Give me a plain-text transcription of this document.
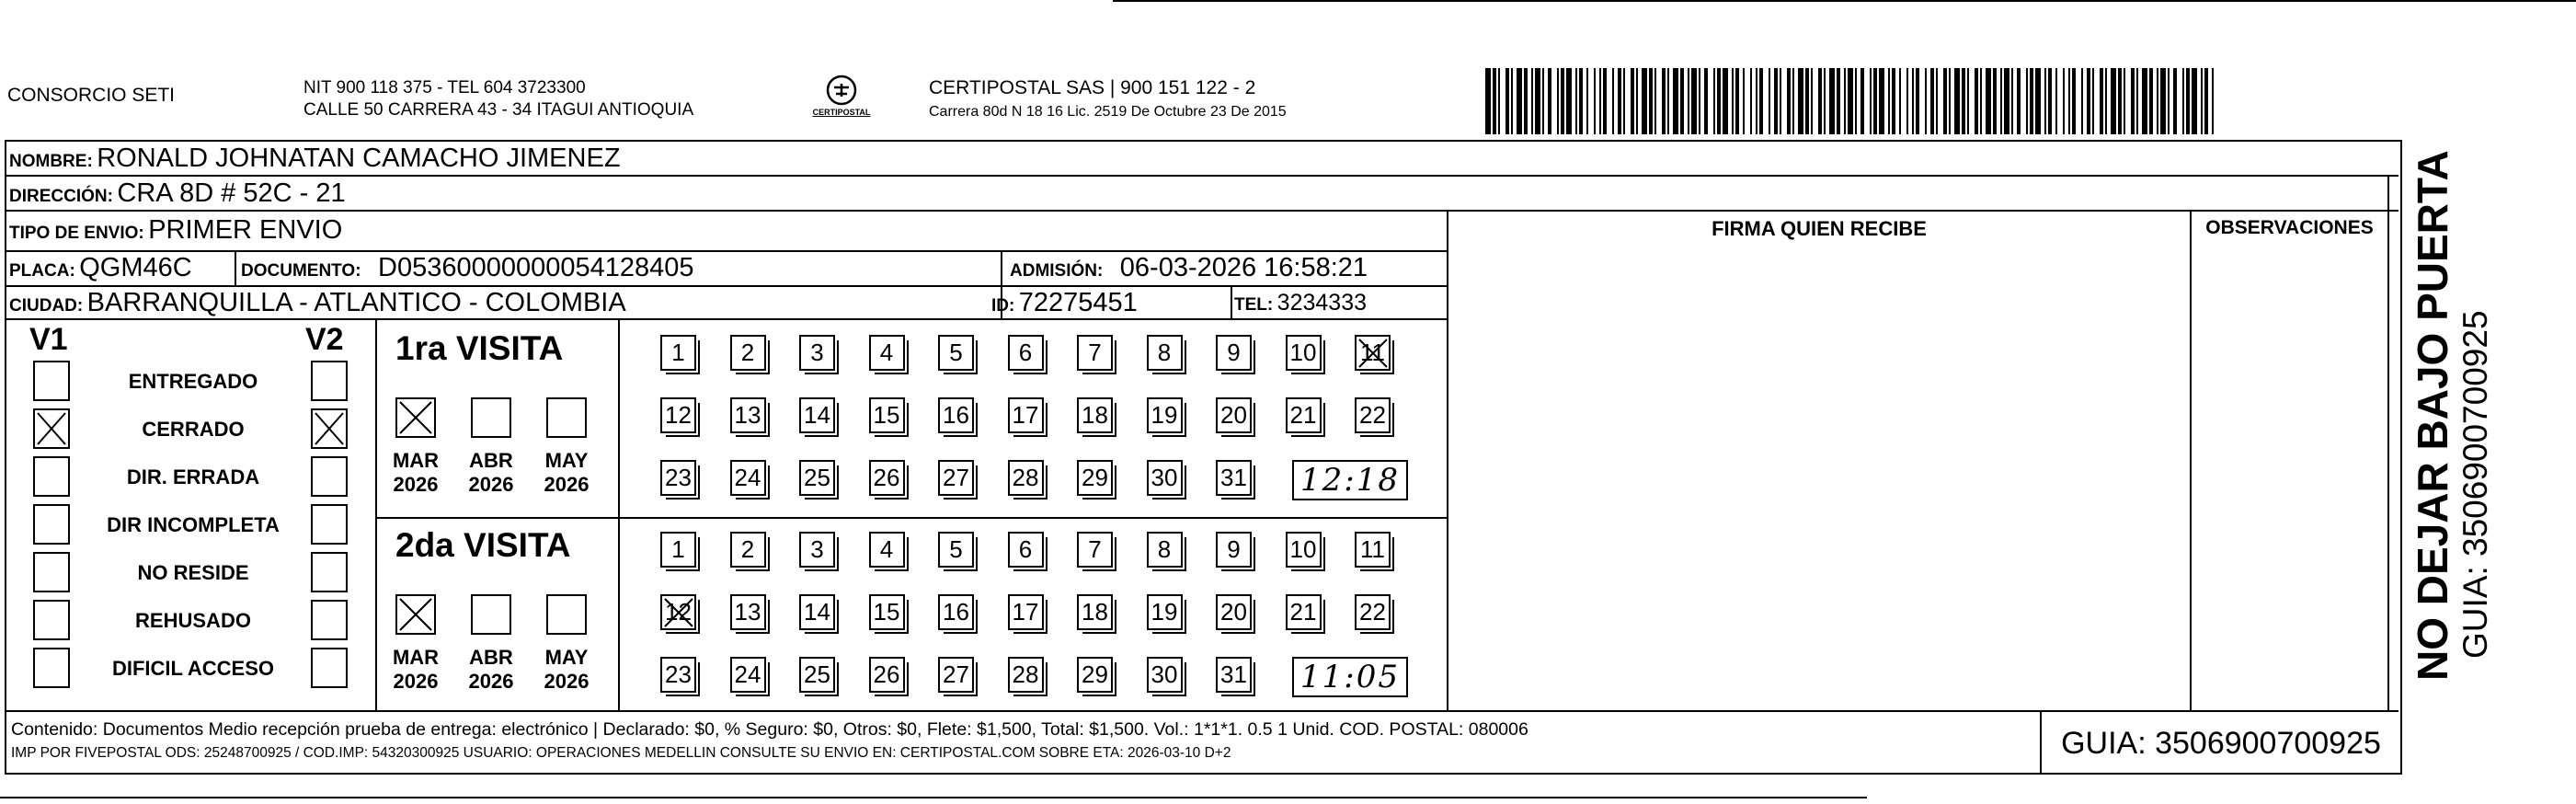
CONSORCIO SETI	NIT 900 118 375 - TEL 604 3723300
CALLE 50 CARRERA 43 - 34 ITAGUI ANTIOQUIA	CERTIPOSTAL
CERTIPOSTAL SAS | 900 151 122 - 2
Carrera 80d N 18 16 Lic. 2519 De Octubre 23 De 2015
NOMBRE: RONALD JOHNATAN CAMACHO JIMENEZ
DIRECCIÓN: CRA 8D # 52C - 21
TIPO DE ENVIO: PRIMER ENVIO
PLACA: QGM46C	DOCUMENTO: D053600000000541284​05	ADMISIÓN: 06-03-2026 16:58:21
CIUDAD: BARRANQUILLA - ATLANTICO - COLOMBIA	ID: 72275451	TEL: 3234333
FIRMA QUIEN RECIBE	OBSERVACIONES
V1	V2
ENTREGADO
CERRADO
DIR. ERRADA
DIR INCOMPLETA
NO RESIDE
REHUSADO
DIFICIL ACCESO
1ra VISITA
MAR
2026
ABR
2026
MAY
2026
1	2	3	4	5	6	7	8	9	10 11
12 13 14 15 16 17 18 19 20 21 22
23 24 25 26 27 28 29 30 31 12:18
2da VISITA
MAR
2026
ABR
2026
MAY
2026
1	2	3	4	5	6	7	8	9	10 11
12 13 14 15 16 17 18 19 20 21 22
23 24 25 26 27 28 29 30 31 11:05
Contenido: Documentos Medio recepción prueba de entrega: electrónico | Declarado: $0, % Seguro: $0, Otros: $0, Flete: $1,500, Total: $1,500. Vol.: 1*1*1. 0.5 1 Unid. COD. POSTAL: 080006
IMP POR FIVEPOSTAL ODS: 25248700925 / COD.IMP: 54320300925 USUARIO: OPERACIONES MEDELLIN CONSULTE SU ENVIO EN: CERTIPOSTAL.COM SOBRE ETA: 2026-03-10 D+2	GUIA: 3506900700925
NO DEJAR BAJO PUERTA GUIA: 3506900700925
